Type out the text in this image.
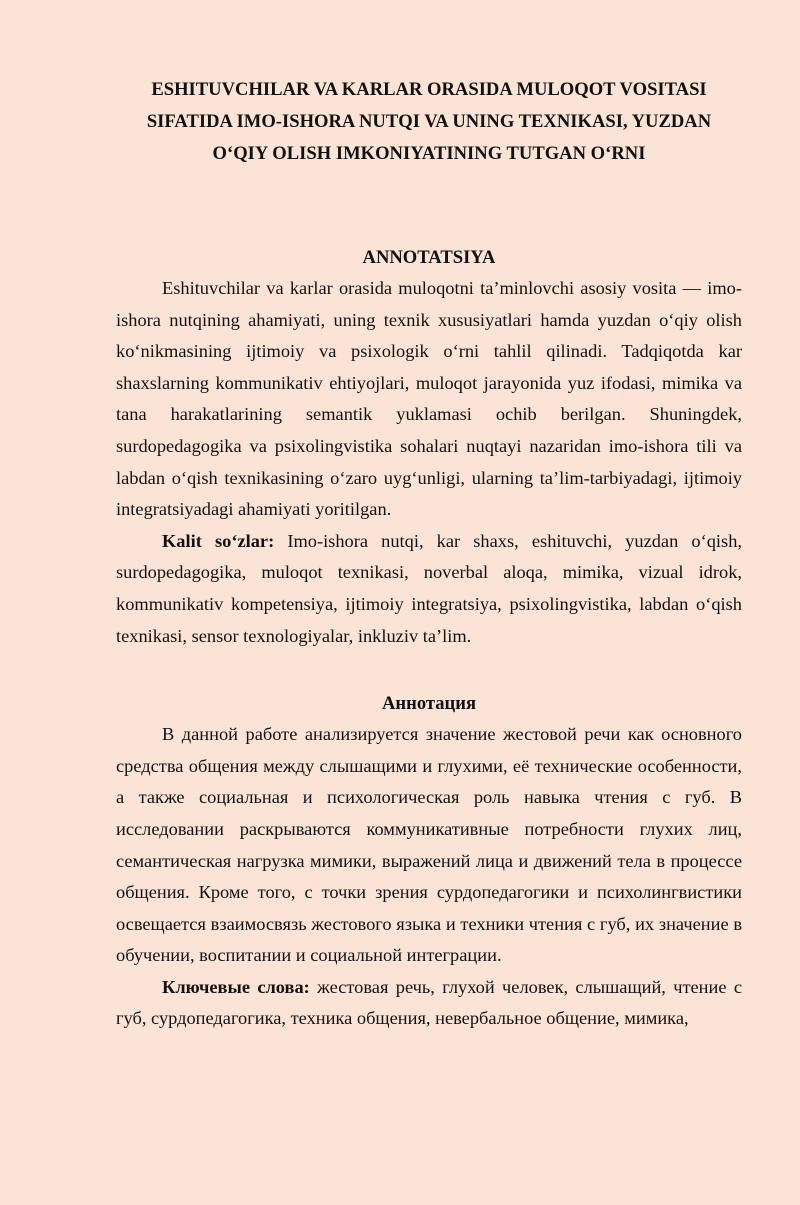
ESHITUVCHILAR VA KARLAR ORASIDA MULOQOT VOSITASI
SIFATIDA IMO-ISHORA NUTQI VA UNING TEXNIKASI, YUZDAN
O‘QIY OLISH IMKONIYATINING TUTGAN O‘RNI
ANNOTATSIYA

Eshituvchilar va karlar orasida muloqotni ta’minlovchi asosiy vosita — imo-ishora nutqining ahamiyati, uning texnik xususiyatlari hamda yuzdan o‘qiy olish ko‘nikmasining ijtimoiy va psixologik o‘rni tahlil qilinadi. Tadqiqotda kar shaxslarning kommunikativ ehtiyojlari, muloqot jarayonida yuz ifodasi, mimika va tana harakatlarining semantik yuklamasi ochib berilgan. Shuningdek, surdopedagogika va psixolingvistika sohalari nuqtayi nazaridan imo-ishora tili va labdan o‘qish texnikasining o‘zaro uyg‘unligi, ularning ta’lim-tarbiyadagi, ijtimoiy integratsiyadagi ahamiyati yoritilgan.

Kalit so‘zlar: Imo-ishora nutqi, kar shaxs, eshituvchi, yuzdan o‘qish, surdopedagogika, muloqot texnikasi, noverbal aloqa, mimika, vizual idrok, kommunikativ kompetensiya, ijtimoiy integratsiya, psixolingvistika, labdan o‘qish texnikasi, sensor texnologiyalar, inkluziv ta’lim.

Аннотация

В данной работе анализируется значение жестовой речи как основного средства общения между слышащими и глухими, её технические особенности, а также социальная и психологическая роль навыка чтения с губ. В исследовании раскрываются коммуникативные потребности глухих лиц, семантическая нагрузка мимики, выражений лица и движений тела в процессе общения. Кроме того, с точки зрения сурдопедагогики и психолингвистики освещается взаимосвязь жестового языка и техники чтения с губ, их значение в обучении, воспитании и социальной интеграции.

Ключевые слова: жестовая речь, глухой человек, слышащий, чтение с губ, сурдопедагогика, техника общения, невербальное общение, мимика,
